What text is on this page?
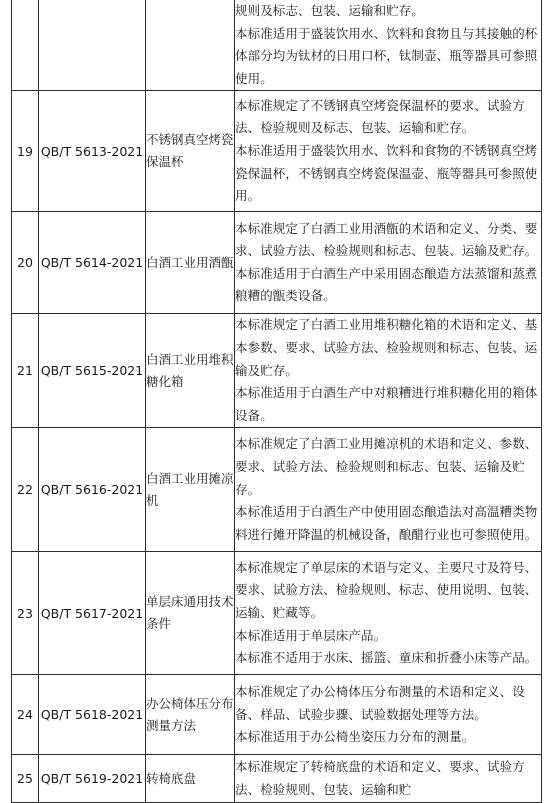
			规则及标志、包装、运输和贮存。

本标准适用于盛装饮用水、饮料和食物且与其接触的杯体部分均为钛材的日用口杯，钛制壶、瓶等器具可参照使用。

19	QB/T 5613-2021	不锈钢真空烤瓷保温杯	本标准规定了不锈钢真空烤瓷保温杯的要求、试验方法、检验规则及标志、包装、运输和贮存。

本标准适用于盛装饮用水、饮料和食物的不锈钢真空烤瓷保温杯，不锈钢真空烤瓷保温壶、瓶等器具可参照使用。

20	QB/T 5614-2021	白酒工业用酒甑	本标准规定了白酒工业用酒甑的术语和定义、分类、要求、试验方法、检验规则和标志、包装、运输及贮存。

本标准适用于白酒生产中采用固态酿造方法蒸馏和蒸煮粮糟的甑类设备。

21	QB/T 5615-2021	白酒工业用堆积糖化箱	本标准规定了白酒工业用堆积糖化箱的术语和定义、基本参数、要求、试验方法、检验规则和标志、包装、运输及贮存。

本标准适用于白酒生产中对粮糟进行堆积糖化用的箱体设备。

22	QB/T 5616-2021	白酒工业用摊凉机	本标准规定了白酒工业用摊凉机的术语和定义、参数、要求、试验方法、检验规则和标志、包装、运输及贮存。

本标准适用于白酒生产中使用固态酿造法对高温糟类物料进行摊开降温的机械设备，酿醋行业也可参照使用。

23	QB/T 5617-2021	单层床通用技术条件	本标准规定了单层床的术语与定义、主要尺寸及符号、要求、试验方法、检验规则、标志、使用说明、包装、运输、贮藏等。

本标准适用于单层床产品。

本标准不适用于水床、摇篮、童床和折叠小床等产品。

24	QB/T 5618-2021	办公椅体压分布测量方法	本标准规定了办公椅体压分布测量的术语和定义、设备、样品、试验步骤、试验数据处理等方法。

本标准适用于办公椅坐姿压力分布的测量。

25	QB/T 5619-2021	转椅底盘	本标准规定了转椅底盘的术语和定义、要求、试验方法、检验规则、包装、运输和贮
